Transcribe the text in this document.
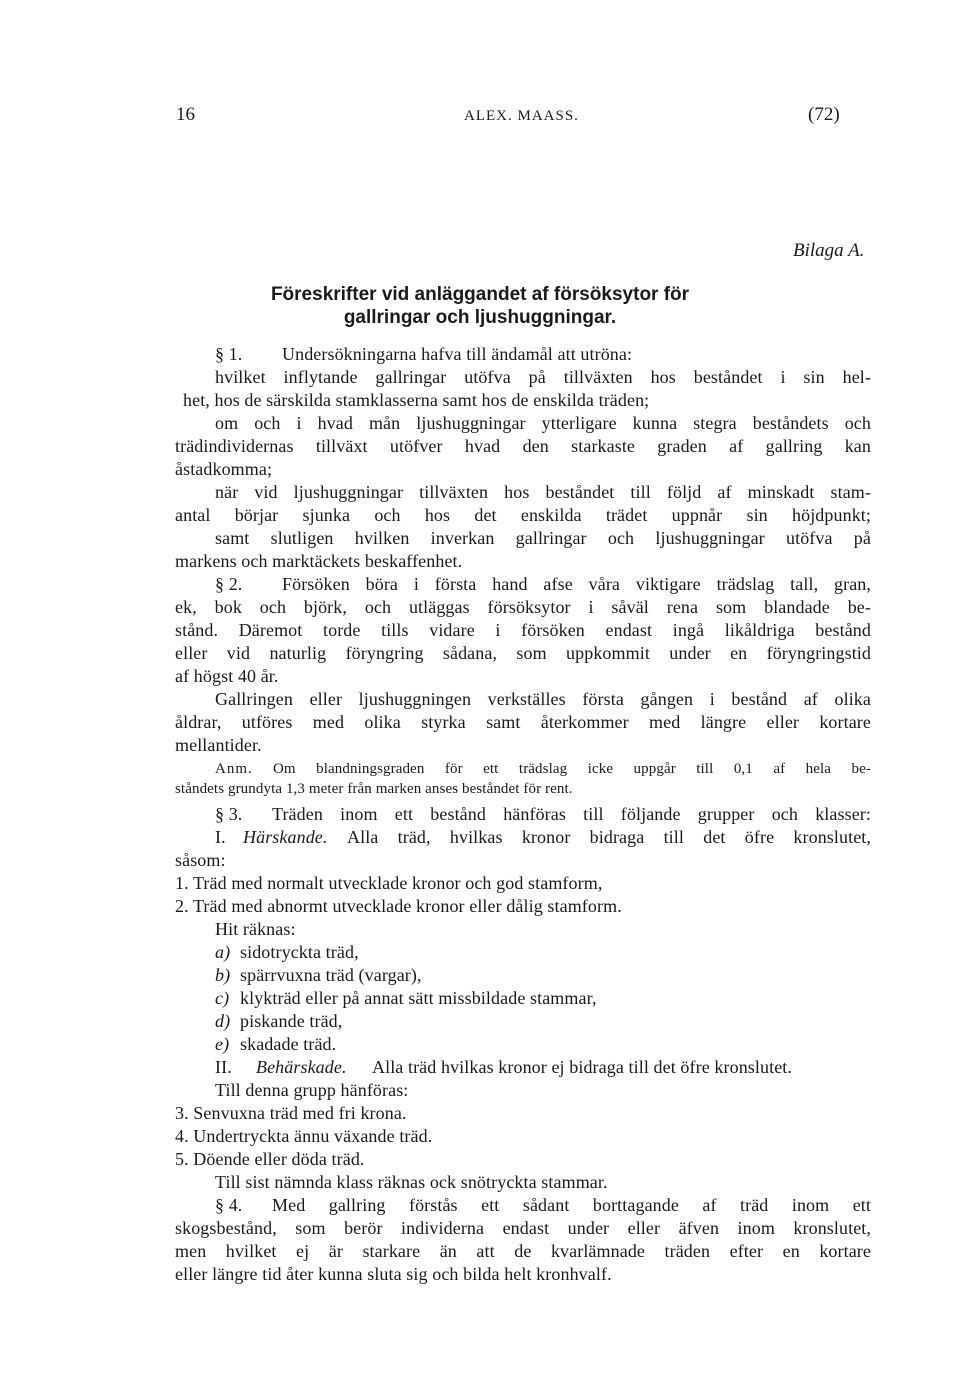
16	ALEX. MAASS.	(72)
Bilaga A.
Föreskrifter vid anläggandet af försöksytor för
gallringar och ljushuggningar.
§ 1. Undersökningarna hafva till ändamål att utröna:
hvilket inflytande gallringar utöfva på tillväxten hos beståndet i sin hel-
het, hos de särskilda stamklasserna samt hos de enskilda träden;
om och i hvad mån ljushuggningar ytterligare kunna stegra beståndets och
trädindividernas tillväxt utöfver hvad den starkaste graden af gallring kan
åstadkomma;
när vid ljushuggningar tillväxten hos beståndet till följd af minskadt stam-
antal börjar sjunka och hos det enskilda trädet uppnår sin höjdpunkt;
samt slutligen hvilken inverkan gallringar och ljushuggningar utöfva på
markens och marktäckets beskaffenhet.
§ 2. Försöken böra i första hand afse våra viktigare trädslag tall, gran,
ek, bok och björk, och utläggas försöksytor i såväl rena som blandade be-
stånd. Däremot torde tills vidare i försöken endast ingå likåldriga bestånd
eller vid naturlig föryngring sådana, som uppkommit under en föryngringstid
af högst 40 år.
Gallringen eller ljushuggningen verkställes första gången i bestånd af olika
åldrar, utföres med olika styrka samt återkommer med längre eller kortare
mellantider.
Anm. Om blandningsgraden för ett trädslag icke uppgår till 0,1 af hela be-
ståndets grundyta 1,3 meter från marken anses beståndet för rent.
§ 3. Träden inom ett bestånd hänföras till följande grupper och klasser:
I. Härskande. Alla träd, hvilkas kronor bidraga till det öfre kronslutet,
såsom:
1. Träd med normalt utvecklade kronor och god stamform,
2. Träd med abnormt utvecklade kronor eller dålig stamform.
Hit räknas:
a) sidotryckta träd,
b) spärrvuxna träd (vargar),
c) klykträd eller på annat sätt missbildade stammar,
d) piskande träd,
e) skadade träd.
II. Behärskade. Alla träd hvilkas kronor ej bidraga till det öfre kronslutet.
Till denna grupp hänföras:
3. Senvuxna träd med fri krona.
4. Undertryckta ännu växande träd.
5. Döende eller döda träd.
Till sist nämnda klass räknas ock snötryckta stammar.
§ 4. Med gallring förstås ett sådant borttagande af träd inom ett
skogsbestånd, som berör individerna endast under eller äfven inom kronslutet,
men hvilket ej är starkare än att de kvarlämnade träden efter en kortare
eller längre tid åter kunna sluta sig och bilda helt kronhvalf.
